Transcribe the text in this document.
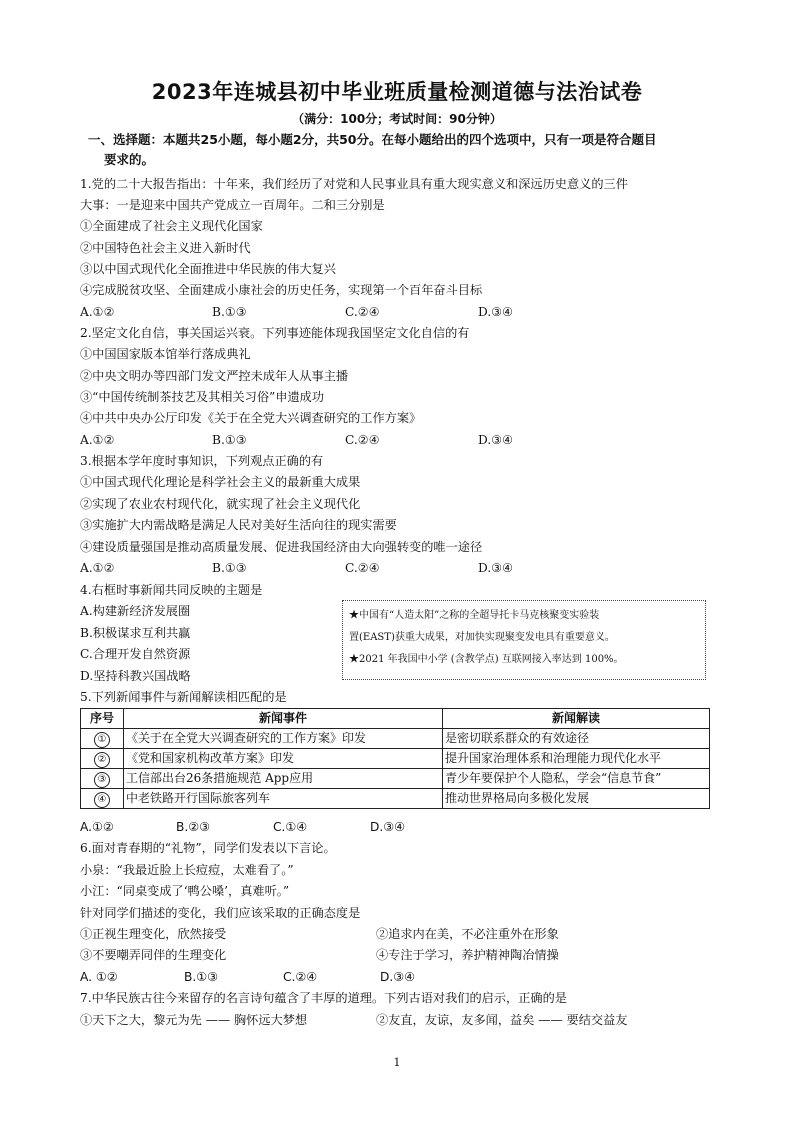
2023年连城县初中毕业班质量检测道德与法治试卷
（满分：100分；考试时间：90分钟）
一、选择题：本题共25小题，每小题2分，共50分。在每小题给出的四个选项中，只有一项是符合题目
要求的。
1.党的二十大报告指出：十年来，我们经历了对党和人民事业具有重大现实意义和深远历史意义的三件
大事：一是迎来中国共产党成立一百周年。二和三分别是
①全面建成了社会主义现代化国家
②中国特色社会主义进入新时代
③以中国式现代化全面推进中华民族的伟大复兴
④完成脱贫攻坚、全面建成小康社会的历史任务，实现第一个百年奋斗目标
A.①②	B.①③	C.②④	D.③④
2.坚定文化自信，事关国运兴衰。下列事迹能体现我国坚定文化自信的有
①中国国家版本馆举行落成典礼
②中央文明办等四部门发文严控未成年人从事主播
③“中国传统制茶技艺及其相关习俗”申遗成功
④中共中央办公厅印发《关于在全党大兴调查研究的工作方案》
A.①②	B.①③	C.②④	D.③④
3.根据本学年度时事知识，下列观点正确的有
①中国式现代化理论是科学社会主义的最新重大成果
②实现了农业农村现代化，就实现了社会主义现代化
③实施扩大内需战略是满足人民对美好生活向往的现实需要
④建设质量强国是推动高质量发展、促进我国经济由大向强转变的唯一途径
A.①②	B.①③	C.②④	D.③④
4.右框时事新闻共同反映的主题是
A.构建新经济发展圈
B.积极谋求互利共赢
C.合理开发自然资源
D.坚持科教兴国战略
★中国有“人造太阳”之称的全超导托卡马克核聚变实验装
置(EAST)获重大成果，对加快实现聚变发电具有重要意义。
★2021 年我国中小学 (含教学点) 互联网接入率达到 100%。
5.下列新闻事件与新闻解读相匹配的是
序号	新闻事件	新闻解读
①	《关于在全党大兴调查研究的工作方案》印发	是密切联系群众的有效途径
②	《党和国家机构改革方案》印发	提升国家治理体系和治理能力现代化水平
③	工信部出台26条措施规范 App应用	青少年要保护个人隐私，学会“信息节食”
④	中老铁路开行国际旅客列车	推动世界格局向多极化发展
A.①②	B.②③	C.①④	D.③④
6.面对青春期的“礼物”，同学们发表以下言论。
小泉：“我最近脸上长痘痘，太难看了。”
小江：“同桌变成了‘鸭公嗓’，真难听。”
针对同学们描述的变化，我们应该采取的正确态度是
①正视生理变化，欣然接受	②追求内在美，不必注重外在形象
③不要嘲弄同伴的生理变化	④专注于学习，养护精神陶冶情操
A. ①②	B.①③	C.②④	D.③④
7.中华民族古往今来留存的名言诗句蕴含了丰厚的道理。下列古语对我们的启示，正确的是
①天下之大，黎元为先 —— 胸怀远大梦想	②友直，友谅，友多闻，益矣 —— 要结交益友
1
